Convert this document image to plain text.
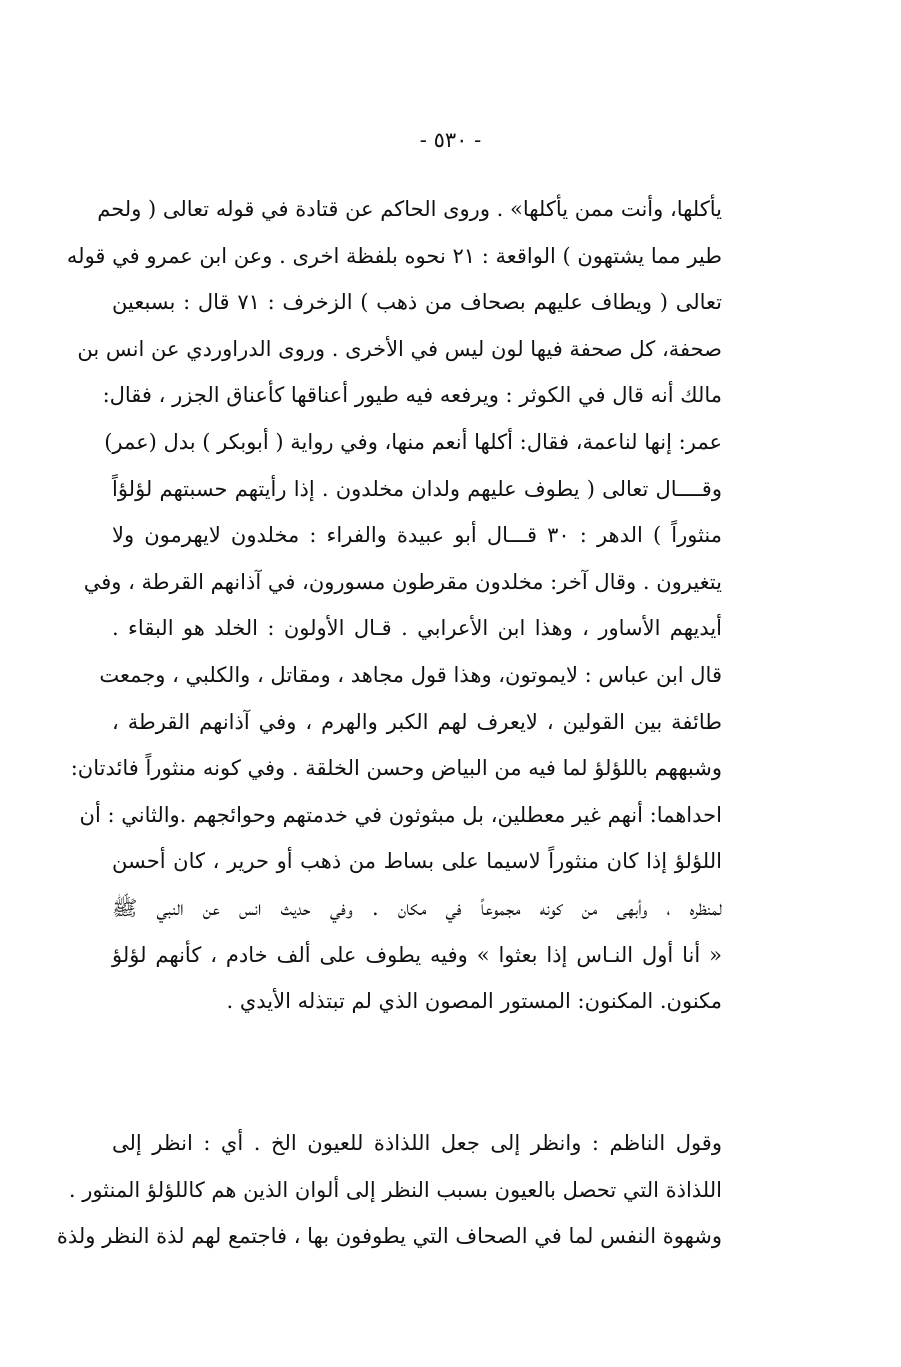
- ٥٣٠ -
يأكلها، وأنت ممن يأكلها» . وروى الحاكم عن قتادة في قوله تعالى ( ولحم
طير مما يشتهون ) الواقعة : ٢١ نحوه بلفظة اخرى . وعن ابن عمرو في قوله
تعالى ( ويطاف عليهم بصحاف من ذهب ) الزخرف : ٧١ قال : بسبعين
صحفة، كل صحفة فيها لون ليس في الأخرى . وروى الدراوردي عن انس بن
مالك أنه قال في الكوثر : ويرفعه فيه طيور أعناقها كأعناق الجزر ، فقال:
عمر: إنها لناعمة، فقال: أكلها أنعم منها، وفي رواية ( أبوبكر ) بدل (عمر)
وقــــال تعالى ( يطوف عليهم ولدان مخلدون . إذا رأيتهم حسبتهم لؤلؤاً
منثوراً ) الدهر : ٣٠ قـــال أبو عبيدة والفراء : مخلدون لايهرمون ولا
يتغيرون . وقال آخر: مخلدون مقرطون مسورون، في آذانهم القرطة ، وفي
أيديهم الأساور ، وهذا ابن الأعرابي . قـال الأولون : الخلد هو البقاء .
قال ابن عباس : لايموتون، وهذا قول مجاهد ، ومقاتل ، والكلبي ، وجمعت
طائفة بين القولين ، لايعرف لهم الكبر والهرم ، وفي آذانهم القرطة ،
وشبههم باللؤلؤ لما فيه من البياض وحسن الخلقة . وفي كونه منثوراً فائدتان:
احداهما: أنهم غير معطلين، بل مبثوثون في خدمتهم وحوائجهم .والثاني : أن
اللؤلؤ إذا كان منثوراً لاسيما على بساط من ذهب أو حرير ، كان أحسن
لمنظره ، وأبهى من كونه مجموعاً في مكان . وفي حديث انس عن النبي ﷺ
« أنا أول النـاس إذا بعثوا » وفيه يطوف على ألف خادم ، كأنهم لؤلؤ
مكنون. المكنون: المستور المصون الذي لم تبتذله الأيدي .
وقول الناظم : وانظر إلى جعل اللذاذة للعيون الخ . أي : انظر إلى
اللذاذة التي تحصل بالعيون بسبب النظر إلى ألوان الذين هم كاللؤلؤ المنثور .
وشهوة النفس لما في الصحاف التي يطوفون بها ، فاجتمع لهم لذة النظر ولذة
